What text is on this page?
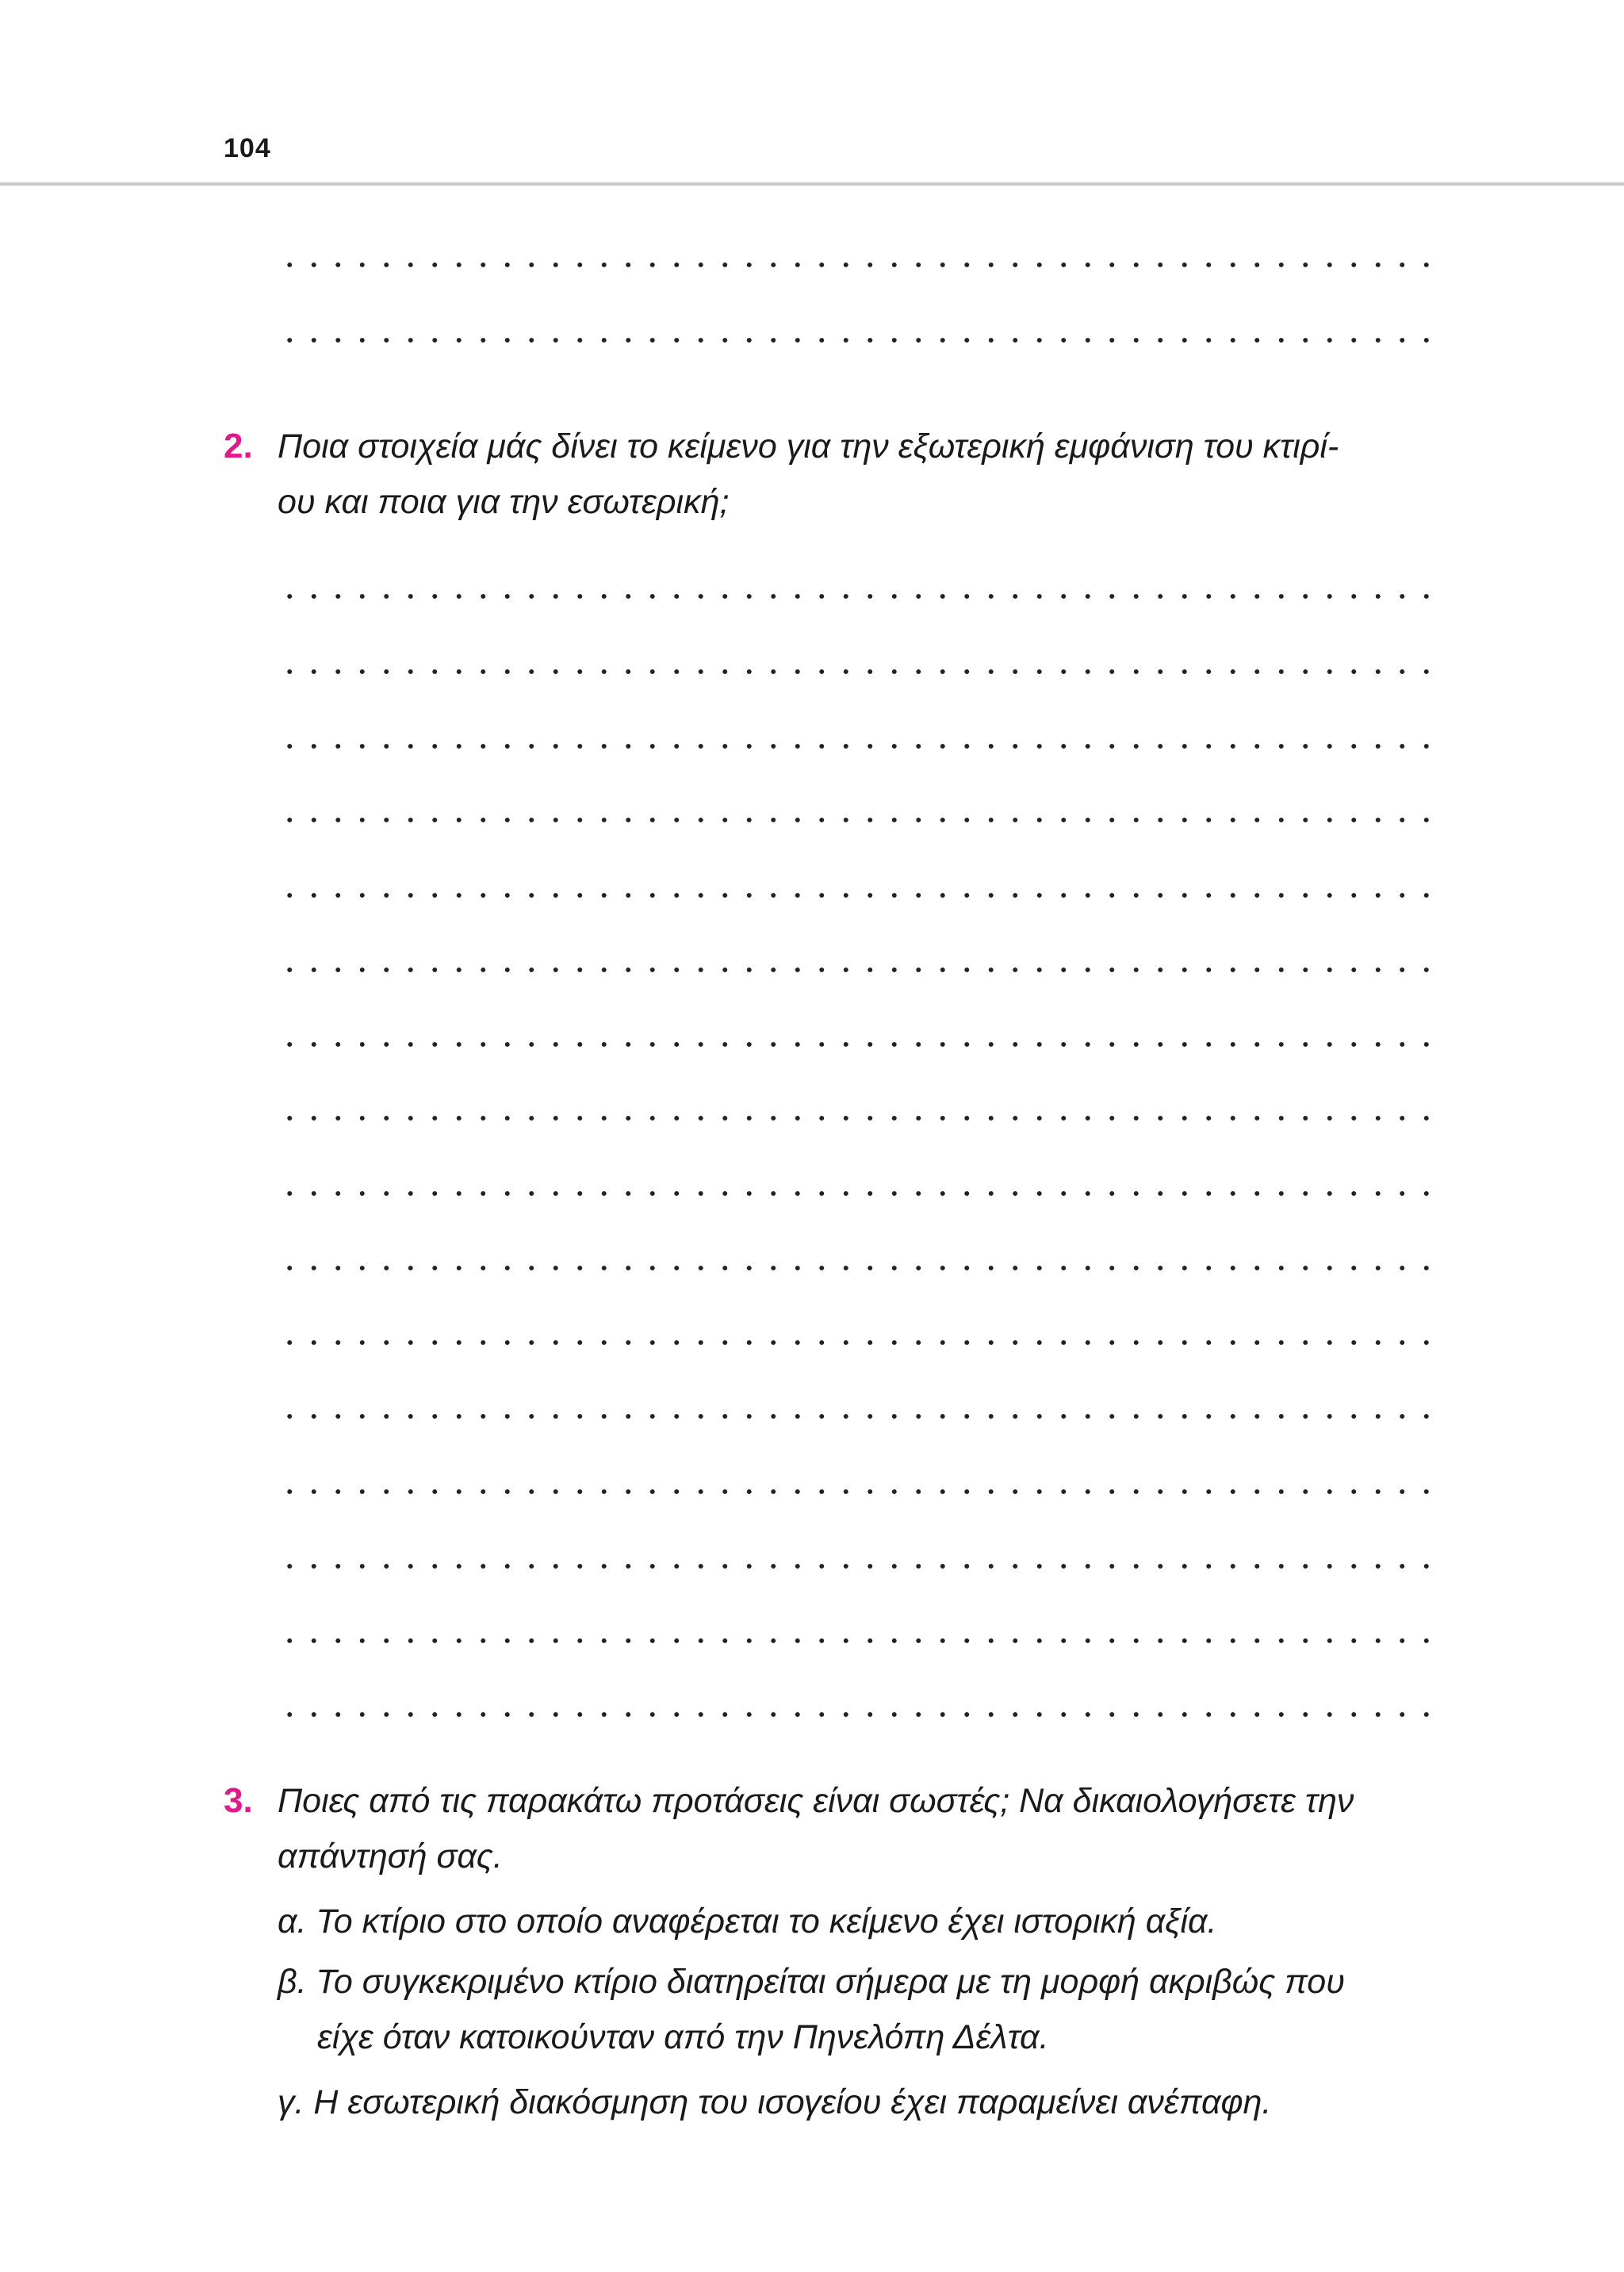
104
2. Ποια στοιχεία μάς δίνει το κείμενο για την εξωτερική εμφάνιση του κτιρί-
ου και ποια για την εσωτερική;
3. Ποιες από τις παρακάτω προτάσεις είναι σωστές; Να δικαιολογήσετε την
απάντησή σας.
α. Το κτίριο στο οποίο αναφέρεται το κείμενο έχει ιστορική αξία.
β. Το συγκεκριμένο κτίριο διατηρείται σήμερα με τη μορφή ακριβώς που
είχε όταν κατοικούνταν από την Πηνελόπη Δέλτα.
γ. Η εσωτερική διακόσμηση του ισογείου έχει παραμείνει ανέπαφη.
